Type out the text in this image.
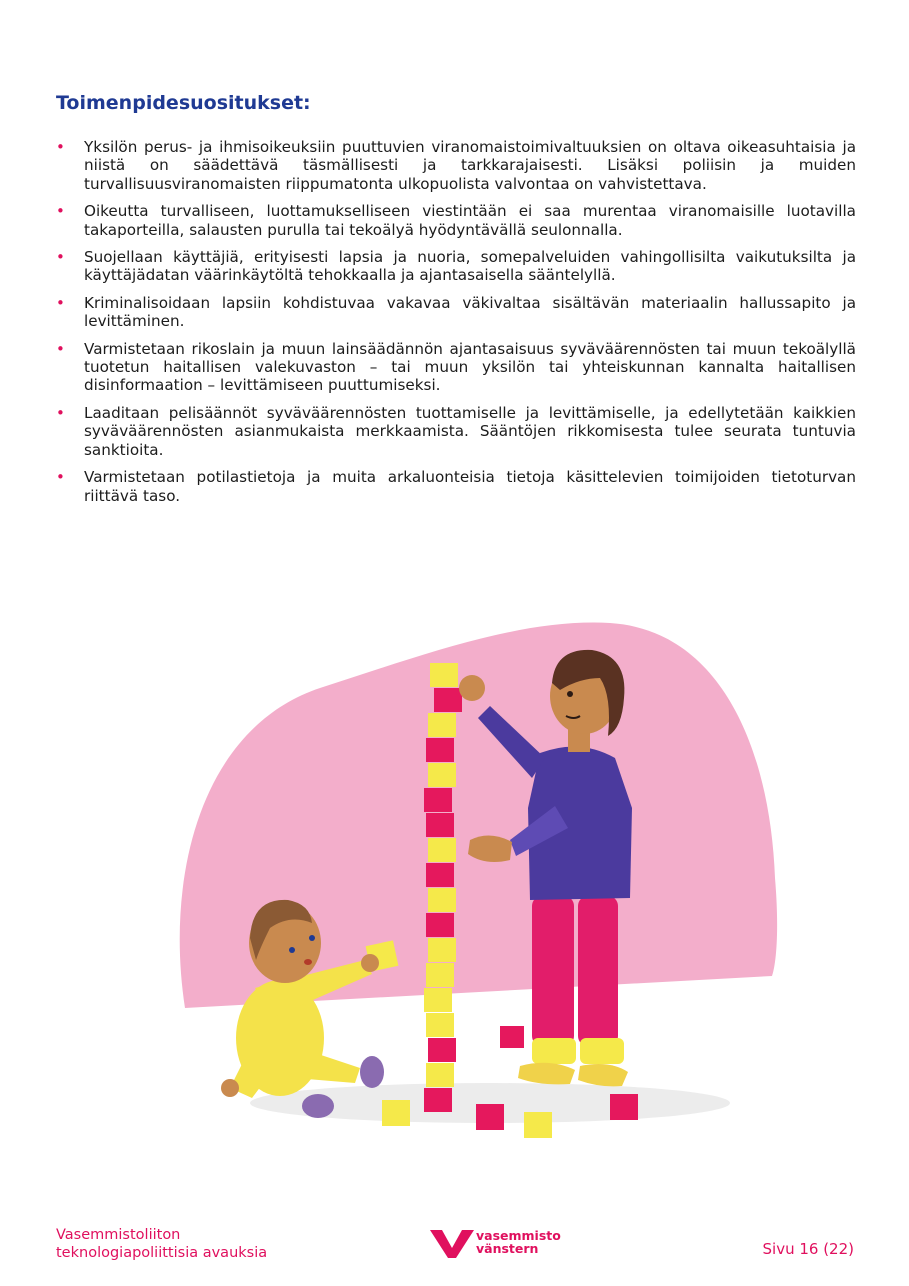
Toimenpidesuositukset:
• Yksilön perus- ja ihmisoikeuksiin puuttuvien viranomaistoimivaltuuksien on oltava oikeasuhtaisia ja niistä on säädettävä täsmällisesti ja tarkkarajaisesti. Lisäksi poliisin ja muiden turvallisuusviranomaisten riippumatonta ulkopuolista valvontaa on vahvistettava.
• Oikeutta turvalliseen, luottamukselliseen viestintään ei saa murentaa viranomaisille luotavilla takaporteilla, salausten purulla tai tekoälyä hyödyntävällä seulonnalla.
• Suojellaan käyttäjiä, erityisesti lapsia ja nuoria, somepalveluiden vahingollisilta vaikutuksilta ja käyttäjädatan väärinkäytöltä tehokkaalla ja ajantasaisella sääntelyllä.
• Kriminalisoidaan lapsiin kohdistuvaa vakavaa väkivaltaa sisältävän materiaalin hallussapito ja levittäminen.
• Varmistetaan rikoslain ja muun lainsäädännön ajantasaisuus syväväärennösten tai muun tekoälyllä tuotetun haitallisen valekuvaston – tai muun yksilön tai yhteiskunnan kannalta haitallisen disinformaation – levittämiseen puuttumiseksi.
• Laaditaan pelisäännöt syväväärennösten tuottamiselle ja levittämiselle, ja edellytetään kaikkien syväväärennösten asianmukaista merkkaamista. Sääntöjen rikkomisesta tulee seurata tuntuvia sanktioita.
• Varmistetaan potilastietoja ja muita arkaluonteisia tietoja käsittelevien toimijoiden tietoturvan riittävä taso.
Vasemmistoliiton
teknologiapoliittisia avauksia
vasemmisto
vänstern	Sivu 16 (22)
